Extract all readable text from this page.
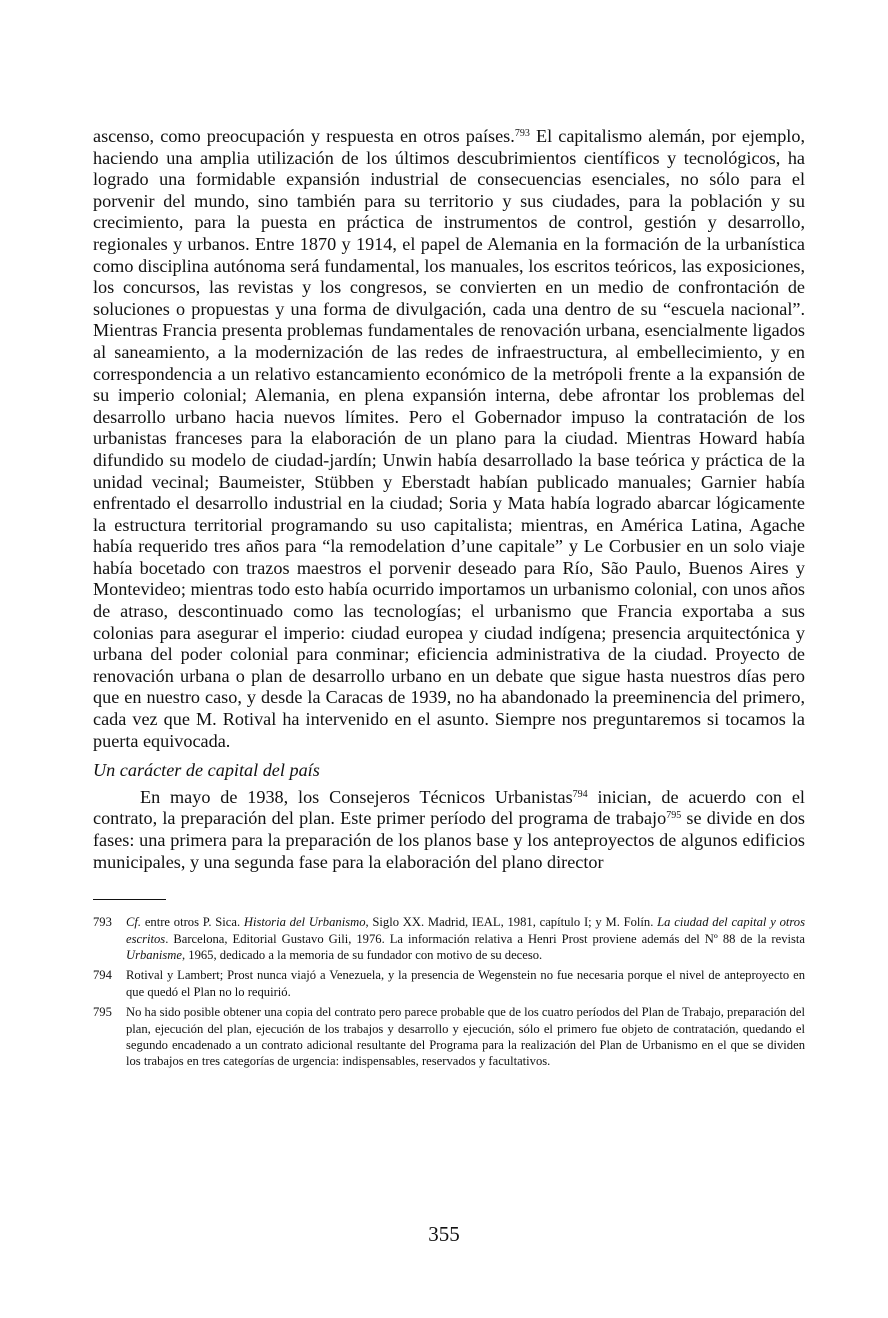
ascenso, como preocupación y respuesta en otros países.$^{793}$ El capitalismo alemán, por ejemplo, haciendo una amplia utilización de los últimos descubrimientos científicos y tecnológicos, ha logrado una formidable expansión industrial de consecuencias esenciales, no sólo para el porvenir del mundo, sino también para su territorio y sus ciudades, para la población y su crecimiento, para la puesta en práctica de instrumentos de control, gestión y desarrollo, regionales y urbanos. Entre 1870 y 1914, el papel de Alemania en la formación de la urbanística como disciplina autónoma será fundamental, los manuales, los escritos teóricos, las exposiciones, los concursos, las revistas y los congresos, se convierten en un medio de confrontación de soluciones o propuestas y una forma de divulgación, cada una dentro de su “escuela nacional”. Mientras Francia presenta problemas fundamentales de renovación urbana, esencialmente ligados al saneamiento, a la modernización de las redes de infraestructura, al embellecimiento, y en correspondencia a un relativo estancamiento económico de la metrópoli frente a la expansión de su imperio colonial; Alemania, en plena expansión interna, debe afrontar los problemas del desarrollo urbano hacia nuevos límites. Pero el Gobernador impuso la contratación de los urbanistas franceses para la elaboración de un plano para la ciudad. Mientras Howard había difundido su modelo de ciudad-jardín; Unwin había desarrollado la base teórica y práctica de la unidad vecinal; Baumeister, Stübben y Eberstadt habían publicado manuales; Garnier había enfrentado el desarrollo industrial en la ciudad; Soria y Mata había logrado abarcar lógicamente la estructura territorial programando su uso capitalista; mientras, en América Latina, Agache había requerido tres años para “la remodelation d’une capitale” y Le Corbusier en un solo viaje había bocetado con trazos maestros el porvenir deseado para Río, São Paulo, Buenos Aires y Montevideo; mientras todo esto había ocurrido importamos un urbanismo colonial, con unos años de atraso, descontinuado como las tecnologías; el urbanismo que Francia exportaba a sus colonias para asegurar el imperio: ciudad europea y ciudad indígena; presencia arquitectónica y urbana del poder colonial para conminar; eficiencia administrativa de la ciudad. Proyecto de renovación urbana o plan de desarrollo urbano en un debate que sigue hasta nuestros días pero que en nuestro caso, y desde la Caracas de 1939, no ha abandonado la preeminencia del primero, cada vez que M. Rotival ha intervenido en el asunto. Siempre nos preguntaremos si tocamos la puerta equivocada.

Un carácter de capital del país

En mayo de 1938, los Consejeros Técnicos Urbanistas$^{794}$ inician, de acuerdo con el contrato, la preparación del plan. Este primer período del programa de trabajo$^{795}$ se divide en dos fases: una primera para la preparación de los planos base y los anteproyectos de algunos edificios municipales, y una segunda fase para la elaboración del plano director

793 Cf. entre otros P. Sica. Historia del Urbanismo, Siglo XX. Madrid, IEAL, 1981, capítulo I; y M. Folín. La ciudad del capital y otros escritos. Barcelona, Editorial Gustavo Gili, 1976. La información relativa a Henri Prost proviene además del Nº 88 de la revista Urbanisme, 1965, dedicado a la memoria de su fundador con motivo de su deceso.

794 Rotival y Lambert; Prost nunca viajó a Venezuela, y la presencia de Wegenstein no fue necesaria porque el nivel de anteproyecto en que quedó el Plan no lo requirió.

795 No ha sido posible obtener una copia del contrato pero parece probable que de los cuatro períodos del Plan de Trabajo, preparación del plan, ejecución del plan, ejecución de los trabajos y desarrollo y ejecución, sólo el primero fue objeto de contratación, quedando el segundo encadenado a un contrato adicional resultante del Programa para la realización del Plan de Urbanismo en el que se dividen los trabajos en tres categorías de urgencia: indispensables, reservados y facultativos.

355
